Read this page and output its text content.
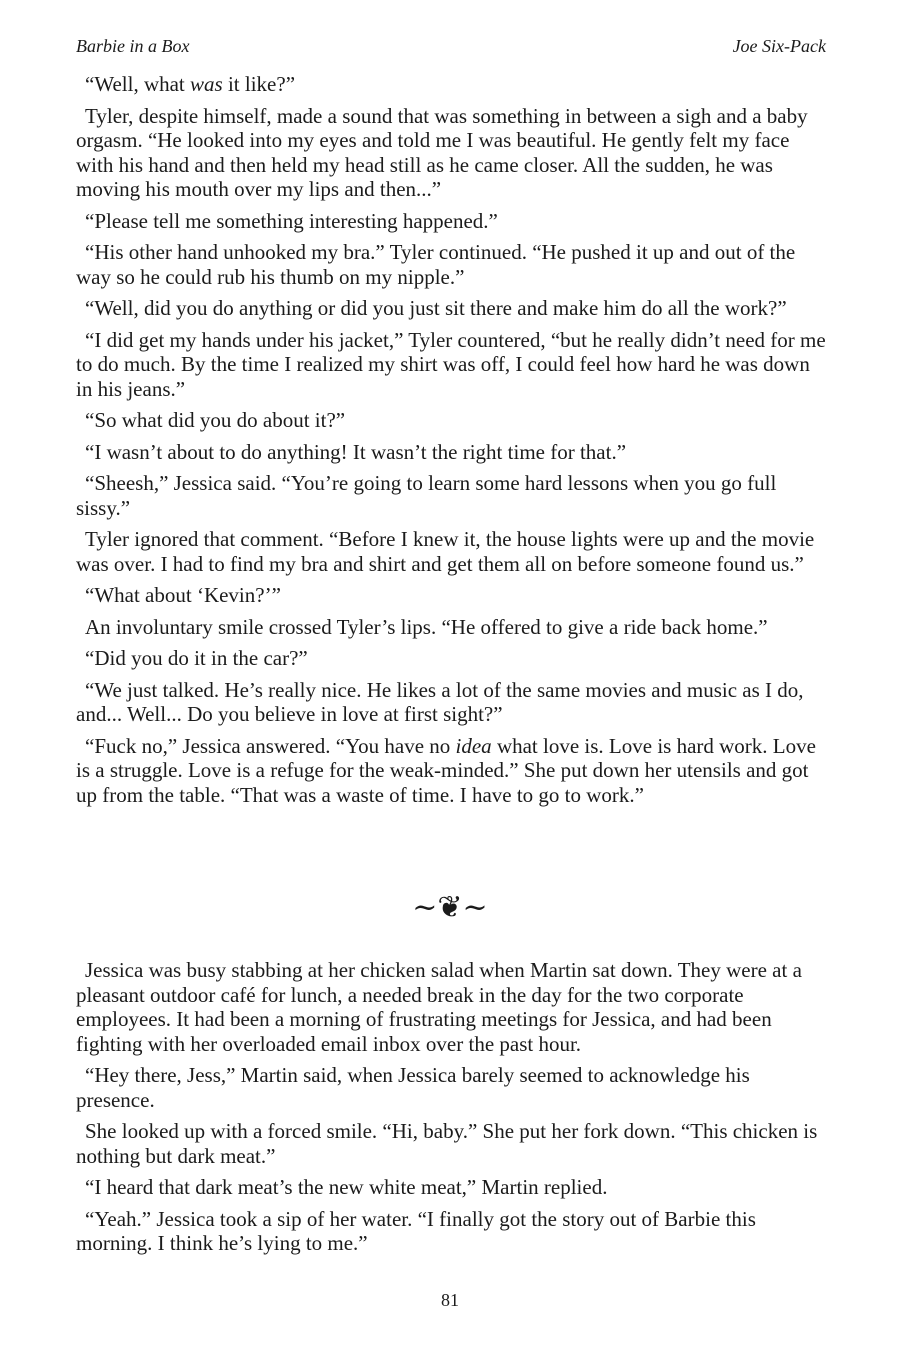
Barbie in a Box	Joe Six-Pack

“Well, what was it like?”

Tyler, despite himself, made a sound that was something in between a sigh and a baby orgasm. “He looked into my eyes and told me I was beautiful. He gently felt my face with his hand and then held my head still as he came closer. All the sudden, he was moving his mouth over my lips and then...”

“Please tell me something interesting happened.”

“His other hand unhooked my bra.” Tyler continued. “He pushed it up and out of the way so he could rub his thumb on my nipple.”

“Well, did you do anything or did you just sit there and make him do all the work?”

“I did get my hands under his jacket,” Tyler countered, “but he really didn’t need for me to do much. By the time I realized my shirt was off, I could feel how hard he was down in his jeans.”

“So what did you do about it?”

“I wasn’t about to do anything! It wasn’t the right time for that.”

“Sheesh,” Jessica said. “You’re going to learn some hard lessons when you go full sissy.”

Tyler ignored that comment. “Before I knew it, the house lights were up and the movie was over. I had to find my bra and shirt and get them all on before someone found us.”

“What about ‘Kevin?’”

An involuntary smile crossed Tyler’s lips. “He offered to give a ride back home.”

“Did you do it in the car?”

“We just talked. He’s really nice. He likes a lot of the same movies and music as I do, and... Well... Do you believe in love at first sight?”

“Fuck no,” Jessica answered. “You have no idea what love is. Love is hard work. Love is a struggle. Love is a refuge for the weak-minded.” She put down her utensils and got up from the table. “That was a waste of time. I have to go to work.”

~❦~

Jessica was busy stabbing at her chicken salad when Martin sat down. They were at a pleasant outdoor café for lunch, a needed break in the day for the two corporate employees. It had been a morning of frustrating meetings for Jessica, and had been fighting with her overloaded email inbox over the past hour.

“Hey there, Jess,” Martin said, when Jessica barely seemed to acknowledge his presence.

She looked up with a forced smile. “Hi, baby.” She put her fork down. “This chicken is nothing but dark meat.”

“I heard that dark meat’s the new white meat,” Martin replied.

“Yeah.” Jessica took a sip of her water. “I finally got the story out of Barbie this morning. I think he’s lying to me.”

81
